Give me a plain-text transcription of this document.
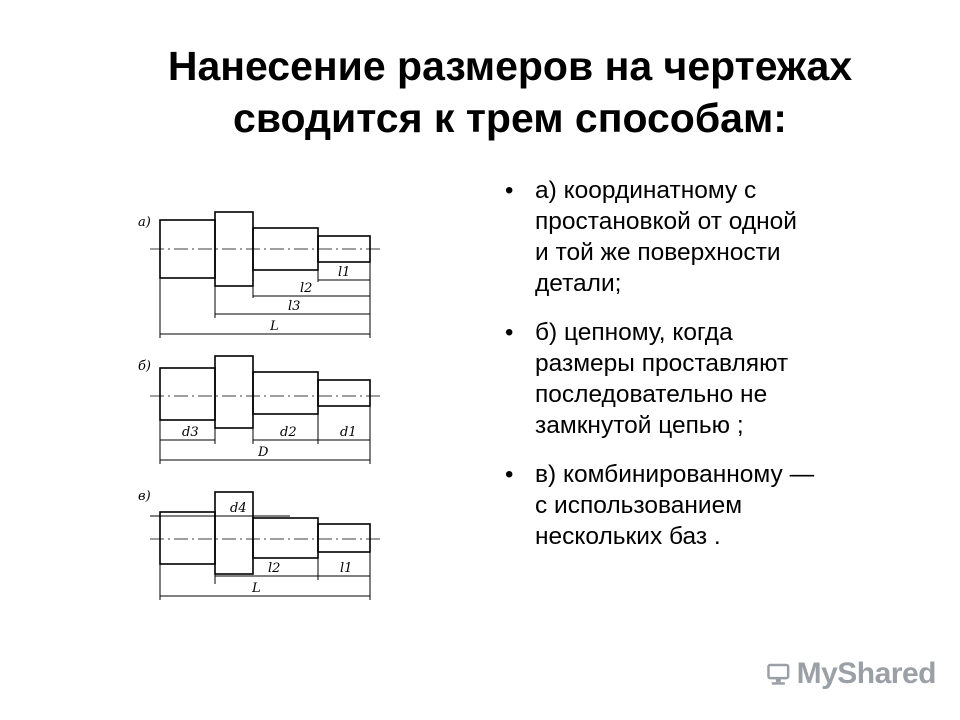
Нанесение размеров на чертежах
сводится к трем способам:
а)
l1
l2
l3
L
б)
d3	d2	d1
D
в)
d4
l2	l1
L
• а) координатному с
простановкой от одной
и той же поверхности
детали;
• б) цепному, когда
размеры проставляют
последовательно не
замкнутой цепью ;
• в) комбинированному —
с использованием
нескольких баз .
MyShared
